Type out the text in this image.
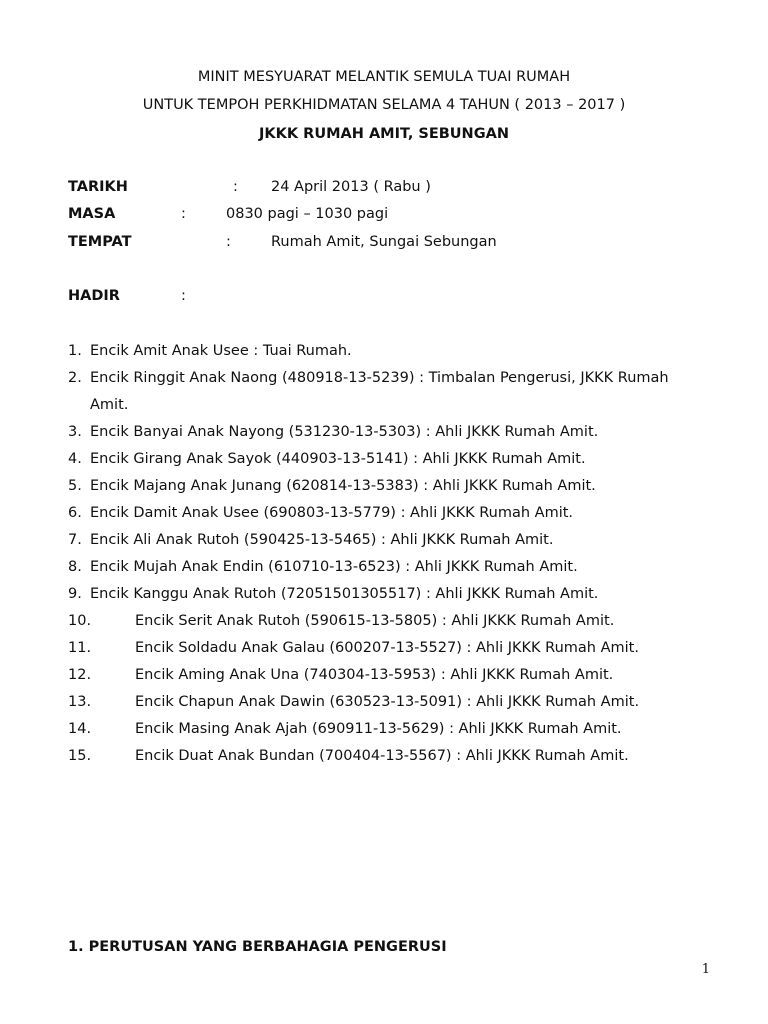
MINIT MESYUARAT MELANTIK SEMULA TUAI RUMAH
UNTUK TEMPOH PERKHIDMATAN SELAMA 4 TAHUN ( 2013 – 2017 )
JKKK RUMAH AMIT, SEBUNGAN
TARIKH	: 24 April 2013 ( Rabu )
MASA	:	0830 pagi – 1030 pagi
TEMPAT	:	Rumah Amit, Sungai Sebungan
HADIR	:
1. Encik Amit Anak Usee : Tuai Rumah.
2. Encik Ringgit Anak Naong (480918-13-5239) : Timbalan Pengerusi, JKKK Rumah
Amit.
3. Encik Banyai Anak Nayong (531230-13-5303) : Ahli JKKK Rumah Amit.
4. Encik Girang Anak Sayok (440903-13-5141) : Ahli JKKK Rumah Amit.
5. Encik Majang Anak Junang (620814-13-5383) : Ahli JKKK Rumah Amit.
6. Encik Damit Anak Usee (690803-13-5779) : Ahli JKKK Rumah Amit.
7. Encik Ali Anak Rutoh (590425-13-5465) : Ahli JKKK Rumah Amit.
8. Encik Mujah Anak Endin (610710-13-6523) : Ahli JKKK Rumah Amit.
9. Encik Kanggu Anak Rutoh (72051501305517) : Ahli JKKK Rumah Amit.
10.	Encik Serit Anak Rutoh (590615-13-5805) : Ahli JKKK Rumah Amit.
11.	Encik Soldadu Anak Galau (600207-13-5527) : Ahli JKKK Rumah Amit.
12.	Encik Aming Anak Una (740304-13-5953) : Ahli JKKK Rumah Amit.
13.	Encik Chapun Anak Dawin (630523-13-5091) : Ahli JKKK Rumah Amit.
14.	Encik Masing Anak Ajah (690911-13-5629) : Ahli JKKK Rumah Amit.
15.	Encik Duat Anak Bundan (700404-13-5567) : Ahli JKKK Rumah Amit.
1. PERUTUSAN YANG BERBAHAGIA PENGERUSI
1
